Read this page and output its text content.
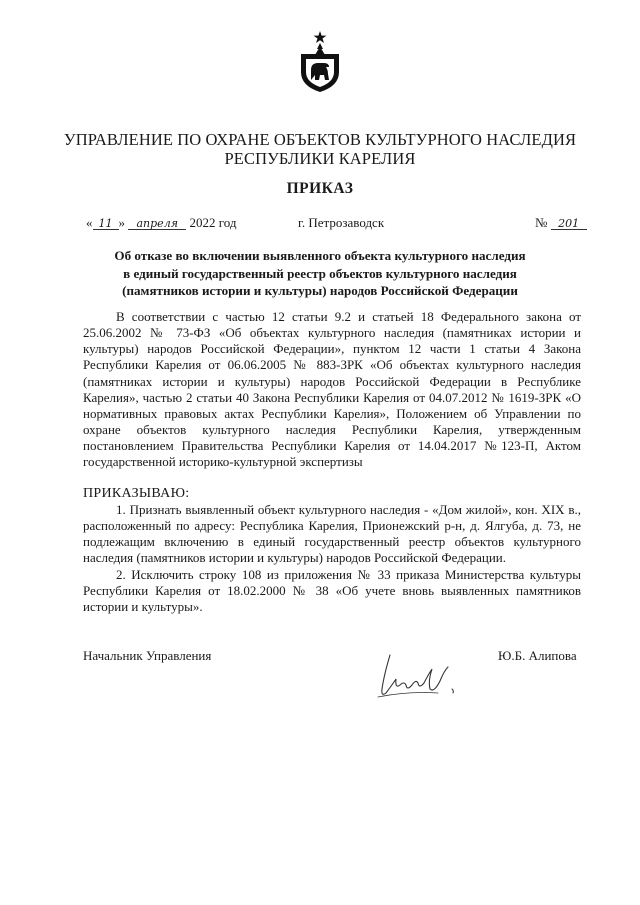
УПРАВЛЕНИЕ ПО ОХРАНЕ ОБЪЕКТОВ КУЛЬТУРНОГО НАСЛЕДИЯ
РЕСПУБЛИКИ КАРЕЛИЯ
ПРИКАЗ
« 11 » апреля 2022 год	г. Петрозаводск	№ 201
Об отказе во включении выявленного объекта культурного наследия
в единый государственный реестр объектов культурного наследия
(памятников истории и культуры) народов Российской Федерации
В соответствии с частью 12 статьи 9.2 и статьей 18 Федерального закона от 25.06.2002 № 73-ФЗ «Об объектах культурного наследия (памятниках истории и культуры) народов Российской Федерации», пунктом 12 части 1 статьи 4 Закона Республики Карелия от 06.06.2005 № 883-ЗРК «Об объектах культурного наследия (памятниках истории и культуры) народов Российской Федерации в Республике Карелия», частью 2 статьи 40 Закона Республики Карелия от 04.07.2012 № 1619-ЗРК «О нормативных правовых актах Республики Карелия», Положением об Управлении по охране объектов культурного наследия Республики Карелия, утвержденным постановлением Правительства Республики Карелия от 14.04.2017 №123-П, Актом государственной историко-культурной экспертизы
ПРИКАЗЫВАЮ:

1. Признать выявленный объект культурного наследия - «Дом жилой», кон. XIX в., расположенный по адресу: Республика Карелия, Прионежский р-н, д. Ялгуба, д. 73, не подлежащим включению в единый государственный реестр объектов культурного наследия (памятников истории и культуры) народов Российской Федерации.

2. Исключить строку 108 из приложения № 33 приказа Министерства культуры Республики Карелия от 18.02.2000 № 38 «Об учете вновь выявленных памятников истории и культуры».

Начальник Управления	Ю.Б. Алипова
